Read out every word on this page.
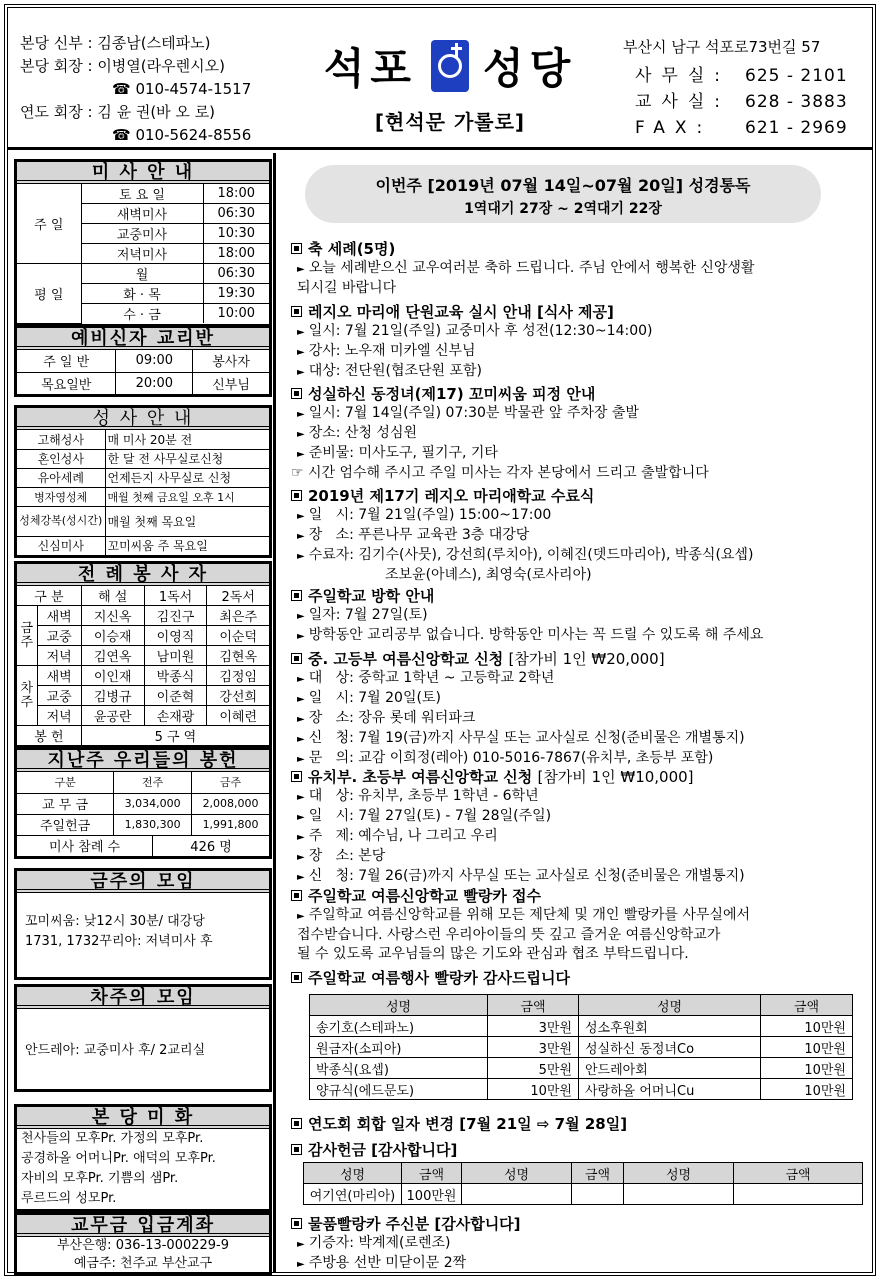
본당 신부 : 김종남(스테파노)
본당 회장 : 이병열(라우렌시오)
☎ 010-4574-1517
연도 회장 : 김 윤 권(바 오 로)
☎ 010-5624-8556
석포 성당
[현석문 가롤로]
부산시 남구 석포로73번길 57
사무실: 625 - 2101
교사실: 628 - 3883
FAX:	621 - 2969
미 사 안 내
주 일	토 요 일	18:00
	새벽미사	06:30
	교중미사	10:30
	저녁미사	18:00
평 일	월	06:30
	화 · 목	19:30
	수 · 금	10:00
예비신자 교리반
주 일 반	09:00	봉사자
목요일반	20:00	신부님
성 사 안 내
고해성사	매 미사 20분 전
혼인성사	한 달 전 사무실로신청
유아세례	언제든지 사무실로 신청
병자영성체	매월 첫째 금요일 오후 1시
성체강복(성시간)	매월 첫째 목요일
신심미사	꼬미씨움 주 목요일
전 례 봉 사 자
구 분		해 설	1독서	2독서
금주	새벽	지신옥	김진구	최은주
	교중	이승재	이영직	이순덕
	저녁	김연옥	남미원	김현옥
차주	새벽	이인재	박종식	김정임
	교중	김병규	이준혁	강선희
	저녁	윤공란	손재광	이혜련
봉 헌		5 구 역		
지난주 우리들의 봉헌
구분	전주		금주
교 무 금	3,034,000		2,008,000
주일헌금	1,830,300		1,991,800
미사 참례 수		426 명	
금주의 모임
꼬미씨움: 낮12시 30분/ 대강당
1731, 1732꾸리아: 저녁미사 후
차주의 모임
안드레아: 교중미사 후/ 2교리실
본 당 미 화
천사들의 모후Pr. 가정의 모후Pr.
공경하올 어머니Pr. 애덕의 모후Pr.
자비의 모후Pr. 기쁨의 샘Pr.
루르드의 성모Pr.
교무금 입금계좌
부산은행: 036-13-000229-9
예금주: 천주교 부산교구
이번주 [2019년 07월 14일~07월 20일] 성경통독
1역대기 27장 ~ 2역대기 22장
축 세례(5명)
► 오늘 세례받으신 교우여러분 축하 드립니다. 주님 안에서 행복한 신앙생활
되시길 바랍니다
레지오 마리애 단원교육 실시 안내 [식사 제공]
► 일시: 7월 21일(주일) 교중미사 후 성전(12:30~14:00)
► 강사: 노우재 미카엘 신부님
► 대상: 전단원(협조단원 포함)
성실하신 동정녀(제17) 꼬미씨움 피정 안내
► 일시: 7월 14일(주일) 07:30분 박물관 앞 주차장 출발
► 장소: 산청 성심원
► 준비물: 미사도구, 필기구, 기타
☞ 시간 엄수해 주시고 주일 미사는 각자 본당에서 드리고 출발합니다
2019년 제17기 레지오 마리애학교 수료식
► 일   시: 7월 21일(주일) 15:00~17:00
► 장   소: 푸른나무 교육관 3층 대강당
► 수료자: 김기수(사뭇), 강선희(루치아), 이혜진(뎃드마리아), 박종식(요셉)
조보윤(아녜스), 최영숙(로사리아)
주일학교 방학 안내
► 일자: 7월 27일(토)
► 방학동안 교리공부 없습니다. 방학동안 미사는 꼭 드릴 수 있도록 해 주세요
중. 고등부 여름신앙학교 신청 [참가비 1인 ₩20,000]
► 대   상: 중학교 1학년 ~ 고등학교 2학년
► 일   시: 7월 20일(토)
► 장   소: 장유 롯데 워터파크
► 신   청: 7월 19(금)까지 사무실 또는 교사실로 신청(준비물은 개별통지)
► 문   의: 교감 이희정(레아) 010-5016-7867(유치부, 초등부 포함)
유치부. 초등부 여름신앙학교 신청 [참가비 1인 ₩10,000]
► 대   상: 유치부, 초등부 1학년 - 6학년
► 일   시: 7월 27일(토) - 7월 28일(주일)
► 주   제: 예수님, 나 그리고 우리
► 장   소: 본당
► 신   청: 7월 26(금)까지 사무실 또는 교사실로 신청(준비물은 개별통지)
주일학교 여름신앙학교 빨랑카 접수
► 주일학교 여름신앙학교를 위해 모든 제단체 및 개인 빨랑카를 사무실에서
접수받습니다. 사랑스런 우리아이들의 뜻 깊고 즐거운 여름신앙학교가
될 수 있도록 교우님들의 많은 기도와 관심과 협조 부탁드립니다.
주일학교 여름행사 빨랑카 감사드립니다
성명	금액	성명	금액
송기호(스테파노)	3만원	성소후원회	10만원
원금자(소피아)	3만원	성실하신 동정녀Co	10만원
박종식(요셉)	5만원	안드레아회	10만원
양규식(에드문도)	10만원	사랑하올 어머니Cu	10만원
연도회 회합 일자 변경 [7월 21일 ⇨ 7월 28일]
감사헌금 [감사합니다]
성명	금액	성명	금액	성명	금액
여기연(마리아)	100만원				
물품빨랑카 주신분 [감사합니다]
► 기증자: 박계제(로렌조)
► 주방용 선반 미닫이문 2짝
